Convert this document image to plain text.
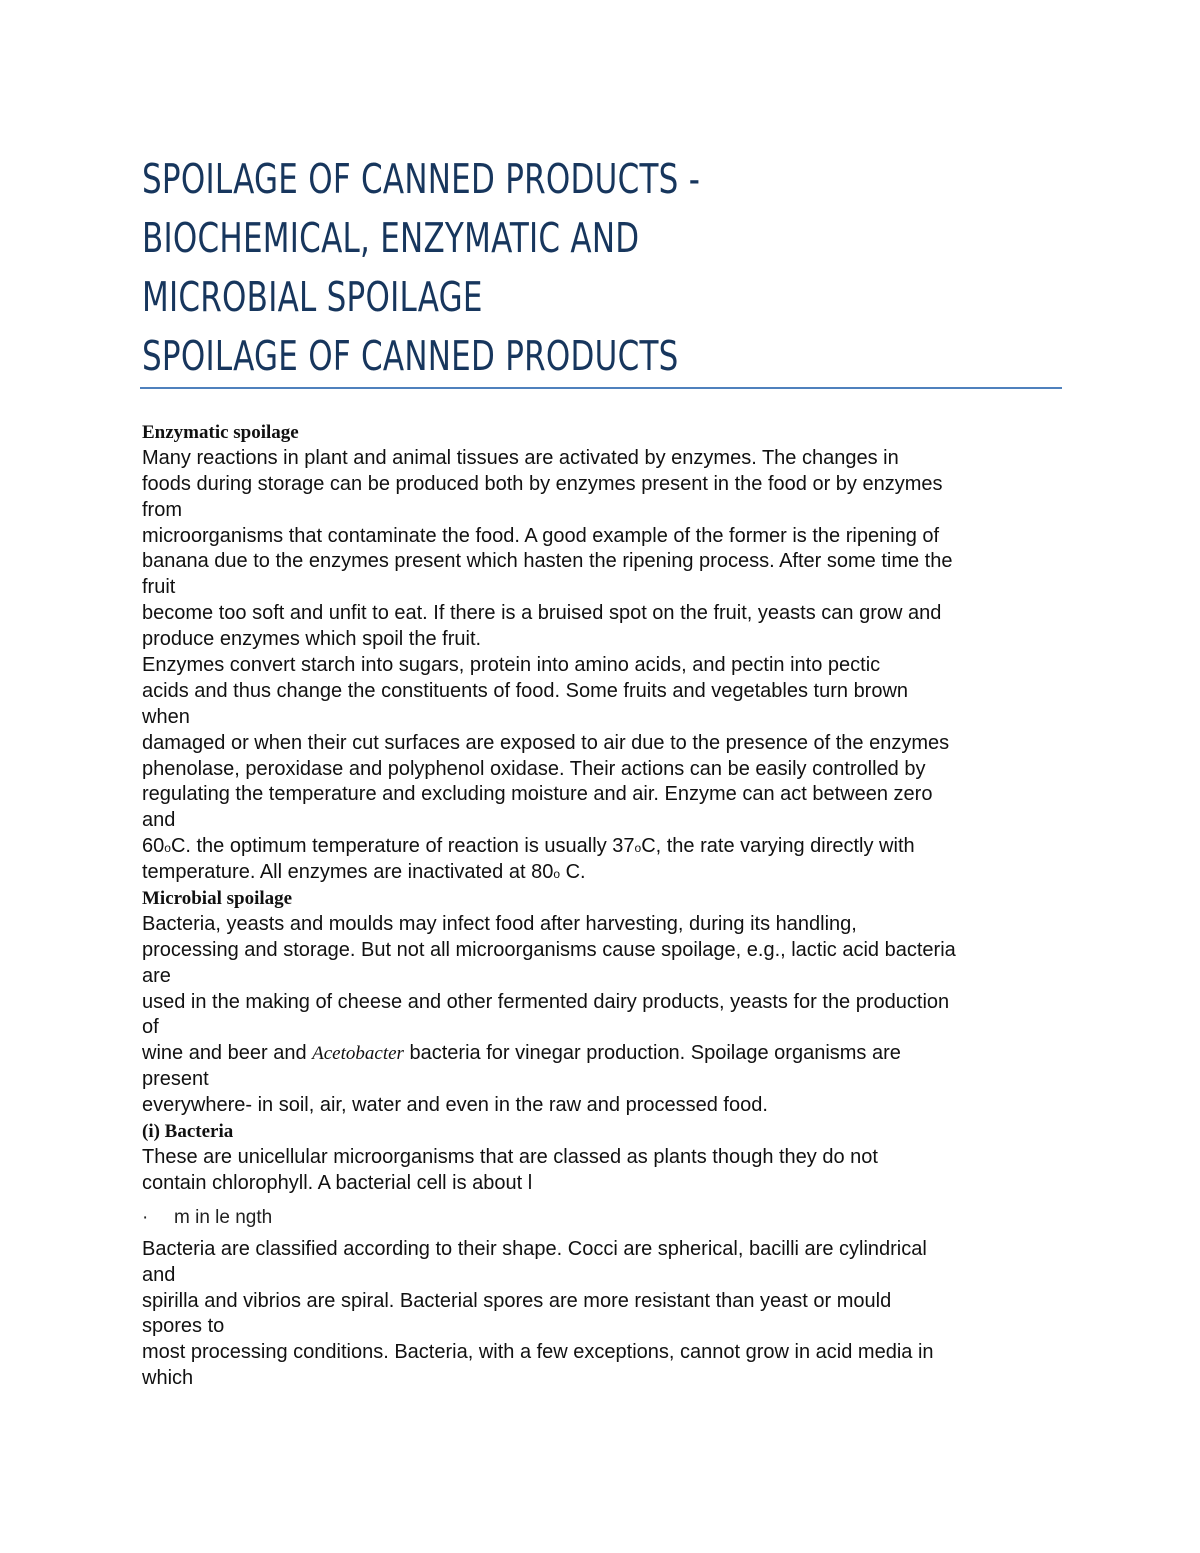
SPOILAGE OF CANNED PRODUCTS -
BIOCHEMICAL, ENZYMATIC AND
MICROBIAL SPOILAGE
SPOILAGE OF CANNED PRODUCTS
Enzymatic spoilage
Many reactions in plant and animal tissues are activated by enzymes. The changes in
foods during storage can be produced both by enzymes present in the food or by enzymes
from
microorganisms that contaminate the food. A good example of the former is the ripening of
banana due to the enzymes present which hasten the ripening process. After some time the
fruit
become too soft and unfit to eat. If there is a bruised spot on the fruit, yeasts can grow and
produce enzymes which spoil the fruit.
Enzymes convert starch into sugars, protein into amino acids, and pectin into pectic
acids and thus change the constituents of food. Some fruits and vegetables turn brown
when
damaged or when their cut surfaces are exposed to air due to the presence of the enzymes
phenolase, peroxidase and polyphenol oxidase. Their actions can be easily controlled by
regulating the temperature and excluding moisture and air. Enzyme can act between zero
and
60oC. the optimum temperature of reaction is usually 37oC, the rate varying directly with
temperature. All enzymes are inactivated at 80o C.
Microbial spoilage
Bacteria, yeasts and moulds may infect food after harvesting, during its handling,
processing and storage. But not all microorganisms cause spoilage, e.g., lactic acid bacteria
are
used in the making of cheese and other fermented dairy products, yeasts for the production
of
wine and beer and Acetobacter bacteria for vinegar production. Spoilage organisms are
present
everywhere- in soil, air, water and even in the raw and processed food.
(i) Bacteria
These are unicellular microorganisms that are classed as plants though they do not
contain chlorophyll. A bacterial cell is about l
· m in le ngth
Bacteria are classified according to their shape. Cocci are spherical, bacilli are cylindrical
and
spirilla and vibrios are spiral. Bacterial spores are more resistant than yeast or mould
spores to
most processing conditions. Bacteria, with a few exceptions, cannot grow in acid media in
which
